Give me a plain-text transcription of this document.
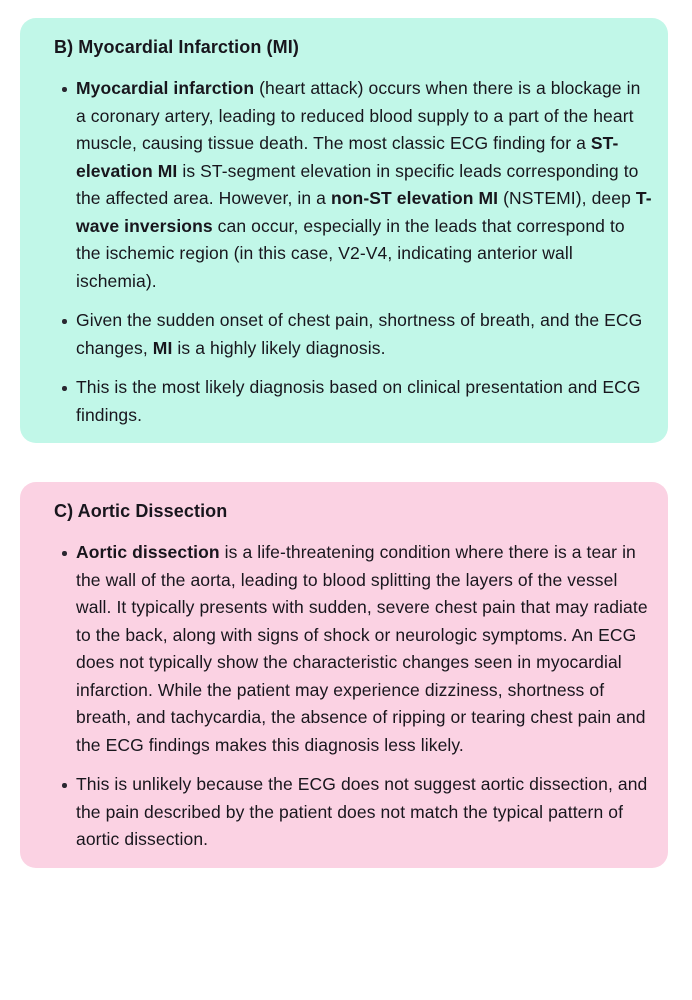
B) Myocardial Infarction (MI)
Myocardial infarction (heart attack) occurs when there is a blockage in a coronary artery, leading to reduced blood supply to a part of the heart muscle, causing tissue death. The most classic ECG finding for a ST-elevation MI is ST-segment elevation in specific leads corresponding to the affected area. However, in a non-ST elevation MI (NSTEMI), deep T-wave inversions can occur, especially in the leads that correspond to the ischemic region (in this case, V2-V4, indicating anterior wall ischemia).
Given the sudden onset of chest pain, shortness of breath, and the ECG changes, MI is a highly likely diagnosis.
This is the most likely diagnosis based on clinical presentation and ECG findings.
C) Aortic Dissection
Aortic dissection is a life-threatening condition where there is a tear in the wall of the aorta, leading to blood splitting the layers of the vessel wall. It typically presents with sudden, severe chest pain that may radiate to the back, along with signs of shock or neurologic symptoms. An ECG does not typically show the characteristic changes seen in myocardial infarction. While the patient may experience dizziness, shortness of breath, and tachycardia, the absence of ripping or tearing chest pain and the ECG findings makes this diagnosis less likely.
This is unlikely because the ECG does not suggest aortic dissection, and the pain described by the patient does not match the typical pattern of aortic dissection.
